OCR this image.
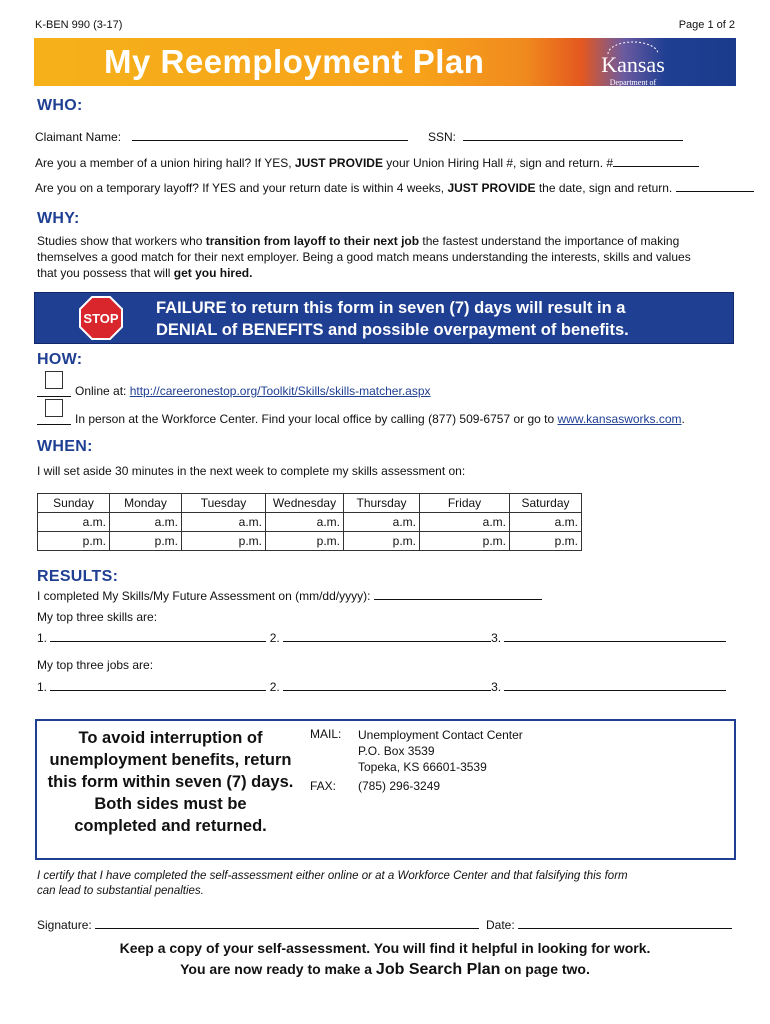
K-BEN 990 (3-17)	Page 1 of 2
My Reemployment Plan	Kansas
Department of Labor
WHO:
Claimant Name:	SSN:
Are you a member of a union hiring hall? If YES, JUST PROVIDE your Union Hiring Hall #, sign and return. #
Are you on a temporary layoff? If YES and your return date is within 4 weeks, JUST PROVIDE the date, sign and return.
WHY:
Studies show that workers who transition from layoff to their next job the fastest understand the importance of making
themselves a good match for their next employer. Being a good match means understanding the interests, skills and values
that you possess that will get you hired.
STOP
FAILURE to return this form in seven (7) days will result in a
DENIAL of BENEFITS and possible overpayment of benefits.
HOW:
Online at: http://careeronestop.org/Toolkit/Skills/skills-matcher.aspx
In person at the Workforce Center. Find your local office by calling (877) 509-6757 or go to www.kansasworks.com.
WHEN:
I will set aside 30 minutes in the next week to complete my skills assessment on:
Sunday	Monday	Tuesday	Wednesday	Thursday	Friday	Saturday
a.m.	a.m.	a.m.	a.m.	a.m.	a.m.	a.m.
p.m.	p.m.	p.m.	p.m.	p.m.	p.m.	p.m.
RESULTS:
I completed My Skills/My Future Assessment on (mm/dd/yyyy):
My top three skills are:
1.	2.	3.
My top three jobs are:
1.	2.	3.
To avoid interruption of
unemployment benefits, return
this form within seven (7) days.
Both sides must be
completed and returned.
MAIL: Unemployment Contact Center
P.O. Box 3539
Topeka, KS 66601-3539
FAX: (785) 296-3249
I certify that I have completed the self-assessment either online or at a Workforce Center and that falsifying this form
can lead to substantial penalties.
Signature:	Date:
Keep a copy of your self-assessment. You will find it helpful in looking for work.
You are now ready to make a Job Search Plan on page two.
